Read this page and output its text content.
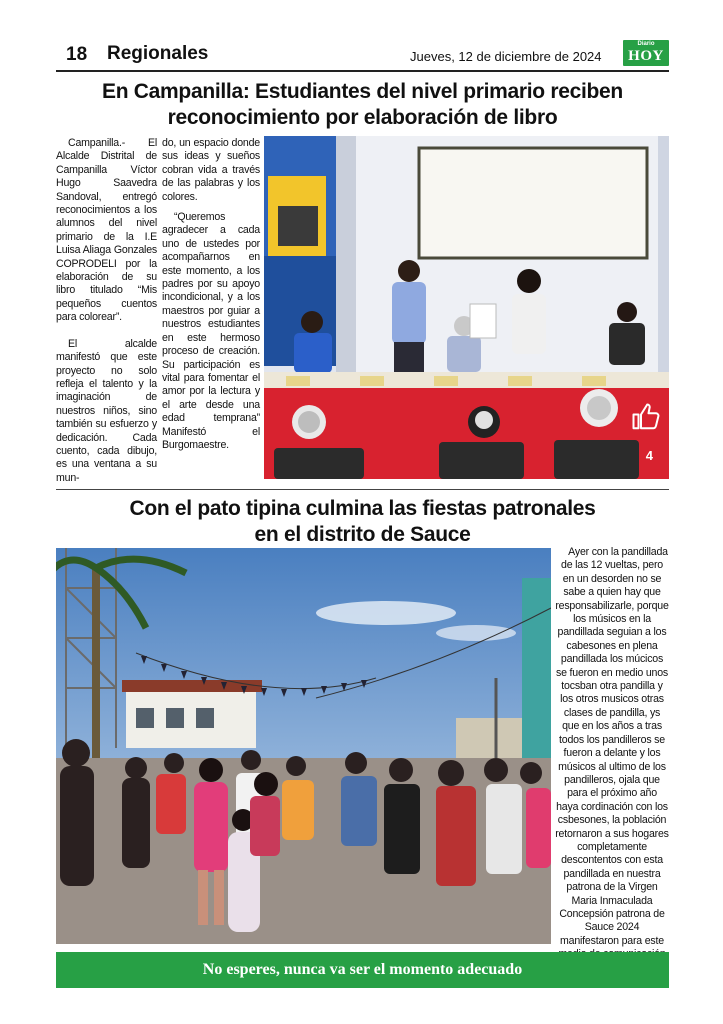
18 Regionales	Jueves, 12 de diciembre de 2024
Diario
HOY
En Campanilla: Estudiantes del nivel primario reciben
reconocimiento por elaboración de libro

Campanilla.- El Alcalde Distrital de Campanilla Víctor Hugo Saavedra Sandoval, entregó reconocimientos a los alumnos del nivel primario de la I.E Luisa Aliaga Gonzales COPRODELI por la elaboración de su libro titulado “Mis pequeños cuentos para colorear”.

El alcalde manifestó que este proyecto no solo refleja el talento y la imaginación de nuestros niños, sino también su esfuerzo y dedicación. Cada cuento, cada dibujo, es una ventana a su mun-

do, un espacio donde sus ideas y sueños cobran vida a través de las palabras y los colores.

“Queremos agradecer a cada uno de ustedes por acompañarnos en este momento, a los padres por su apoyo incondicional, y a los maestros por guiar a nuestros estudiantes en este hermoso proceso de creación. Su participación es vital para fomentar el amor por la lectura y el arte desde una edad temprana” Manifestó el Burgomaestre.

4
Con el pato tipina culmina las fiestas patronales
en el distrito de Sauce

Ayer con la pandillada de las 12 vueltas, pero en un desorden no se sabe a quien hay que responsabilizarle, porque los músicos en la pandillada seguian a los cabesones en plena pandillada los múcicos se fueron en medio unos tocsban otra pandilla y los otros musicos otras clases de pandilla, ys que en los años a tras todos los pandilleros se fueron a delante y los músicos al ultimo de los pandilleros, ojala que para el próximo año haya cordinación con los csbesones, la población retornaron a sus hogares completamente descontentos con esta pandillada en nuestra patrona de la Virgen Maria Inmaculada Concepsión patrona de Sauce 2024 manifestaron para este

No esperes, nunca va ser el momento adecuado
